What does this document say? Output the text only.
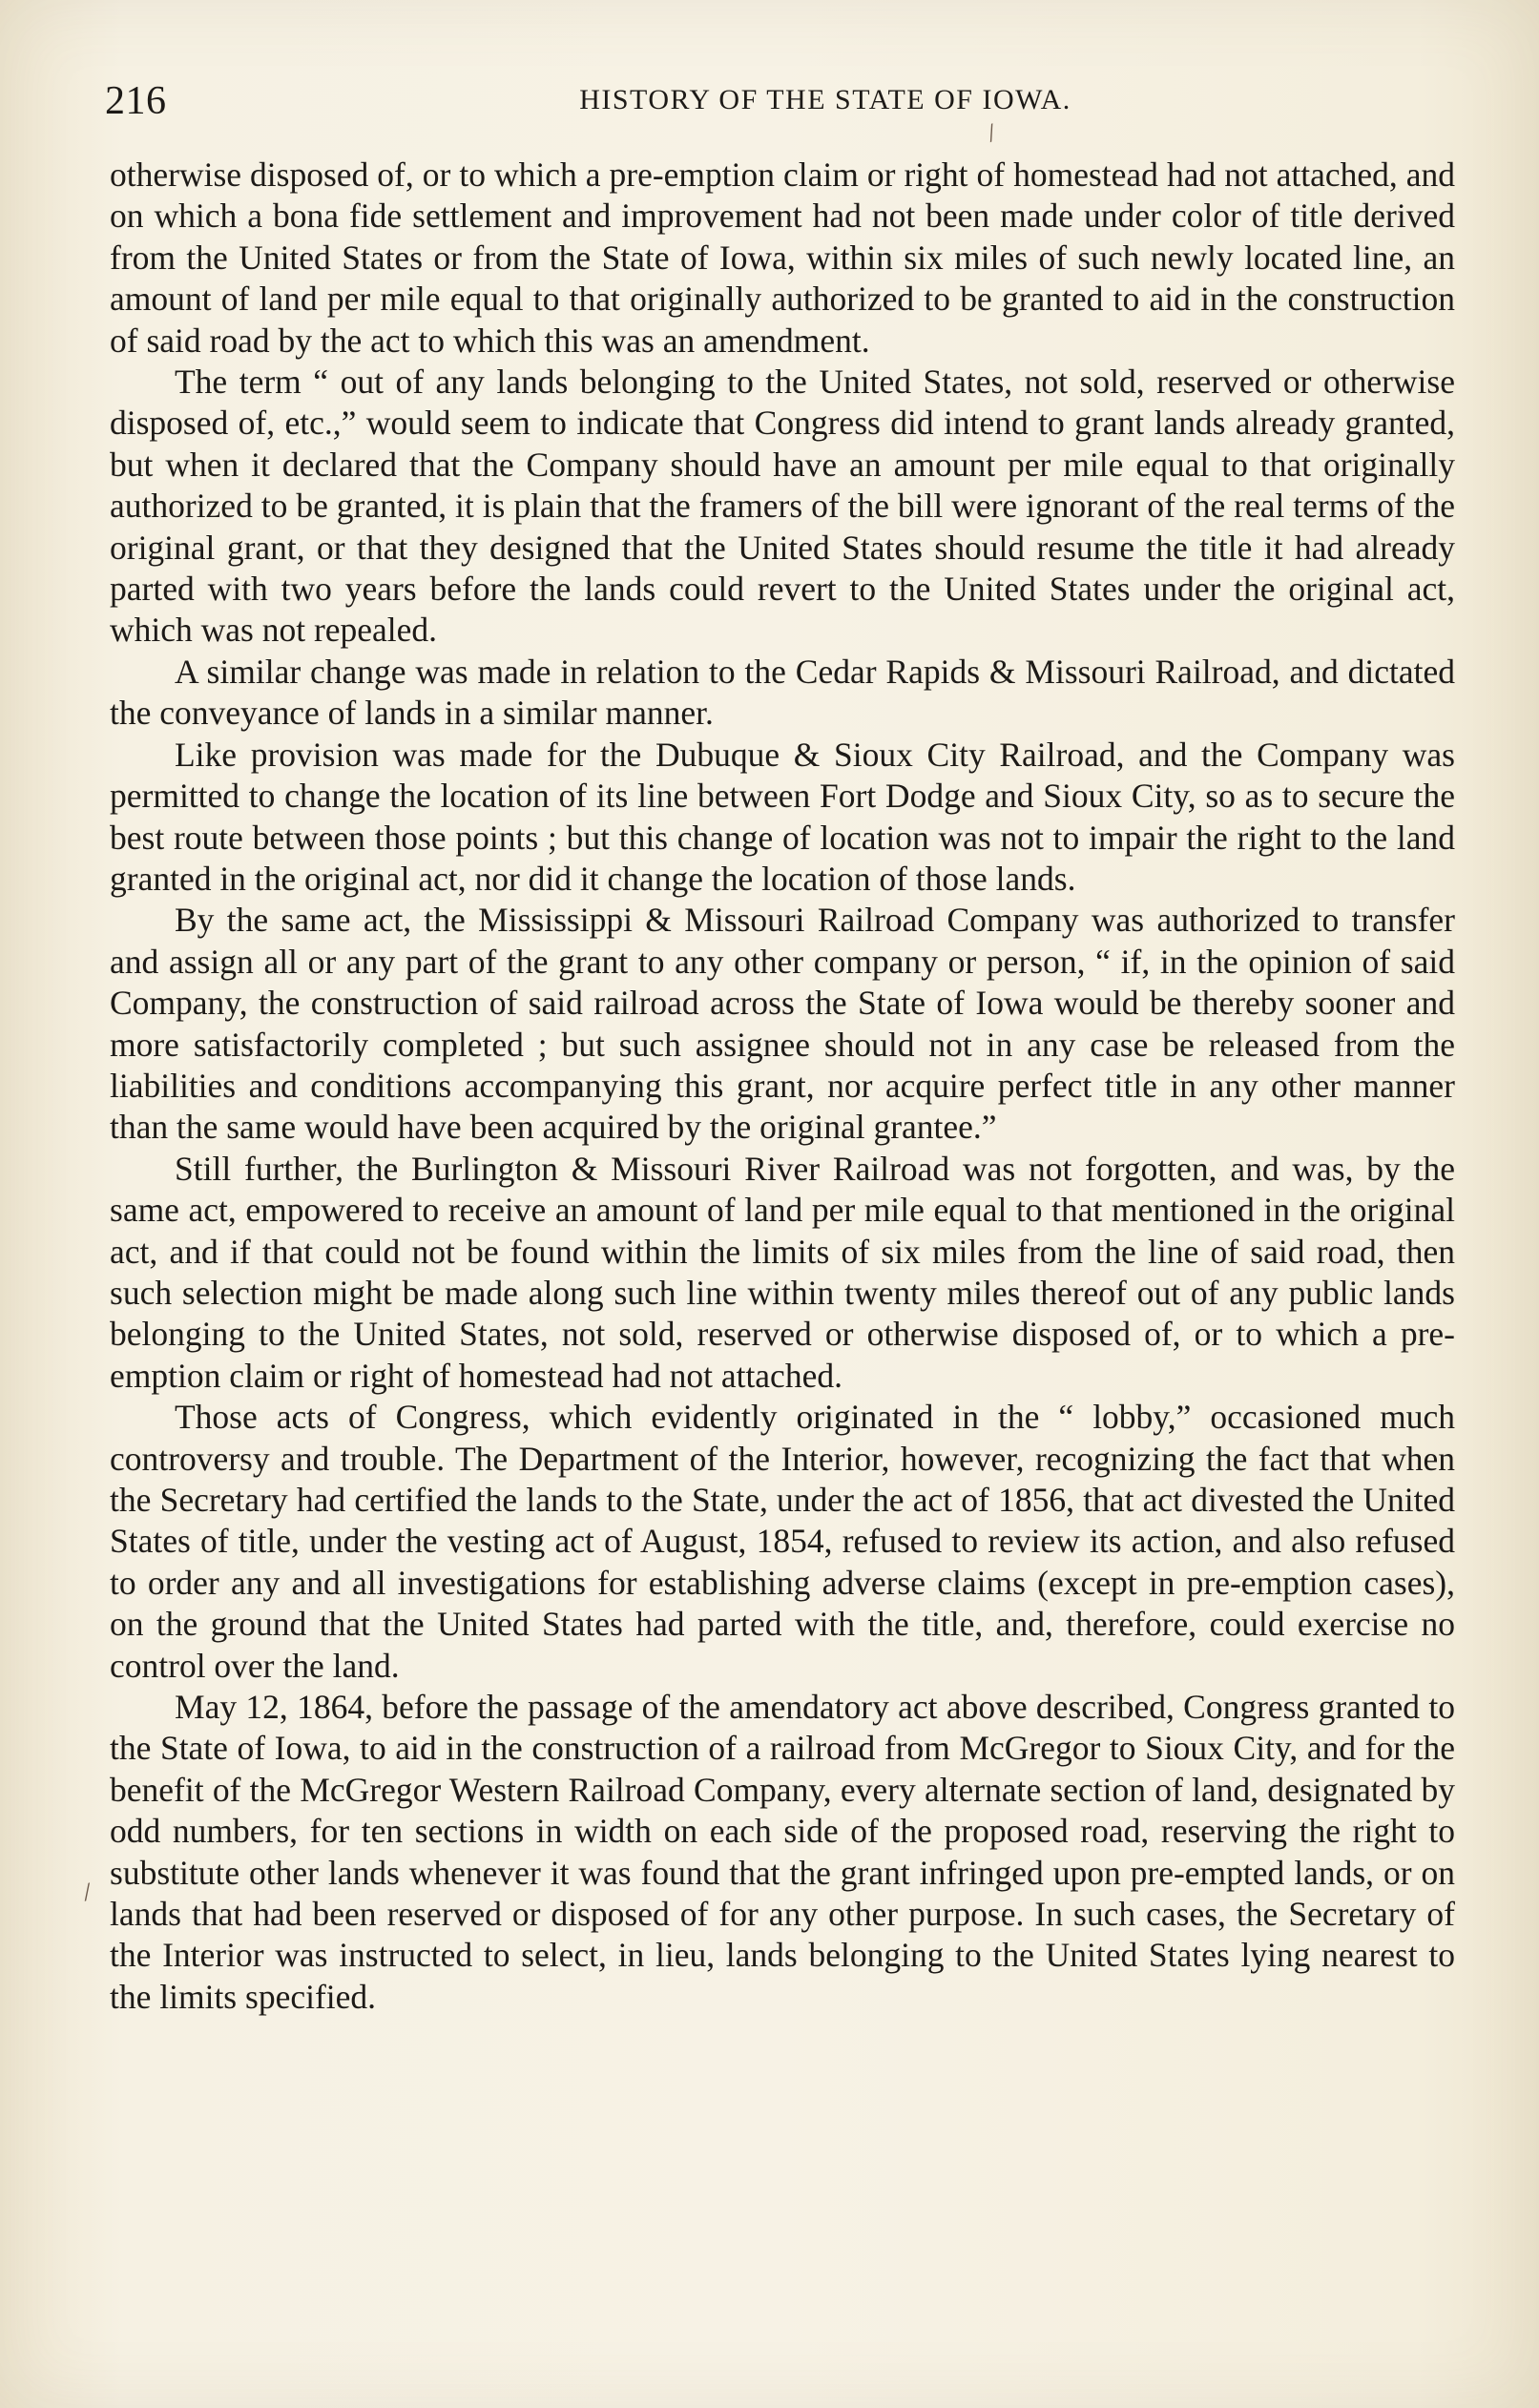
216	HISTORY OF THE STATE OF IOWA.
⁄
⁄

otherwise disposed of, or to which a pre-emption claim or right of homestead had not attached, and on which a bona fide settlement and improvement had not been made under color of title derived from the United States or from the State of Iowa, within six miles of such newly located line, an amount of land per mile equal to that originally authorized to be granted to aid in the construction of said road by the act to which this was an amendment.

The term “ out of any lands belonging to the United States, not sold, reserved or otherwise disposed of, etc.,” would seem to indicate that Congress did intend to grant lands already granted, but when it declared that the Company should have an amount per mile equal to that originally authorized to be granted, it is plain that the framers of the bill were ignorant of the real terms of the original grant, or that they designed that the United States should resume the title it had already parted with two years before the lands could revert to the United States under the original act, which was not repealed.

A similar change was made in relation to the Cedar Rapids & Missouri Railroad, and dictated the conveyance of lands in a similar manner.

Like provision was made for the Dubuque & Sioux City Railroad, and the Company was permitted to change the location of its line between Fort Dodge and Sioux City, so as to secure the best route between those points ; but this change of location was not to impair the right to the land granted in the original act, nor did it change the location of those lands.

By the same act, the Mississippi & Missouri Railroad Company was authorized to transfer and assign all or any part of the grant to any other company or person, “ if, in the opinion of said Company, the construction of said railroad across the State of Iowa would be thereby sooner and more satisfactorily completed ; but such assignee should not in any case be released from the liabilities and conditions accompanying this grant, nor acquire perfect title in any other manner than the same would have been acquired by the original grantee.”

Still further, the Burlington & Missouri River Railroad was not forgotten, and was, by the same act, empowered to receive an amount of land per mile equal to that mentioned in the original act, and if that could not be found within the limits of six miles from the line of said road, then such selection might be made along such line within twenty miles thereof out of any public lands belonging to the United States, not sold, reserved or otherwise disposed of, or to which a pre-emption claim or right of homestead had not attached.

Those acts of Congress, which evidently originated in the “ lobby,” occasioned much controversy and trouble. The Department of the Interior, however, recognizing the fact that when the Secretary had certified the lands to the State, under the act of 1856, that act divested the United States of title, under the vesting act of August, 1854, refused to review its action, and also refused to order any and all investigations for establishing adverse claims (except in pre-emption cases), on the ground that the United States had parted with the title, and, therefore, could exercise no control over the land.

May 12, 1864, before the passage of the amendatory act above described, Congress granted to the State of Iowa, to aid in the construction of a railroad from McGregor to Sioux City, and for the benefit of the McGregor Western Railroad Company, every alternate section of land, designated by odd numbers, for ten sections in width on each side of the proposed road, reserving the right to substitute other lands whenever it was found that the grant infringed upon pre-empted lands, or on lands that had been reserved or disposed of for any other purpose. In such cases, the Secretary of the Interior was instructed to select, in lieu, lands belonging to the United States lying nearest to the limits specified.
